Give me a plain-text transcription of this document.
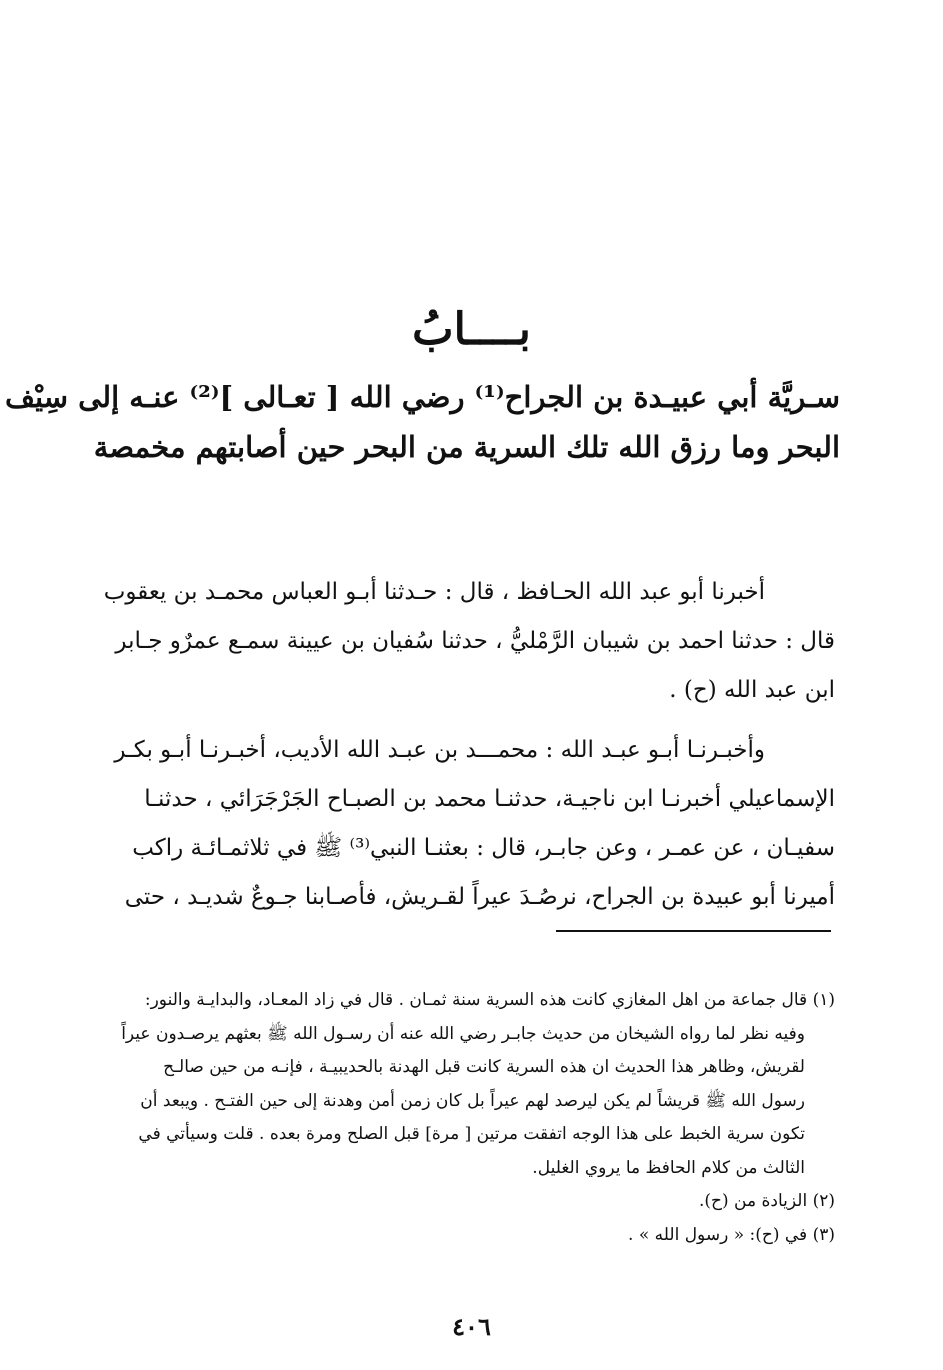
بــــابُ
سـريَّة أبي عبيـدة بن الجراح⁽¹⁾ رضي الله [ تعـالى ]⁽²⁾ عنـه إلى سِيْف
البحر وما رزق الله تلك السرية من البحر حين أصابتهم مخمصة
أخبرنا أبو عبد الله الحـافظ ، قال : حـدثنا أبـو العباس محمـد بن يعقوب
قال : حدثنا احمد بن شيبان الرَّمْليُّ ، حدثنا سُفيان بن عيينة سمـع عمرٌو جـابر
ابن عبد الله (ح) .
وأخبـرنـا أبـو عبـد الله : محمـــد بن عبـد الله الأديب، أخبـرنـا أبـو بكـر
الإسماعيلي أخبرنـا ابن ناجيـة، حدثنـا محمد بن الصبـاح الجَرْجَرَائي ، حدثنـا
سفيـان ، عن عمـر ، وعن جابـر، قال : بعثنـا النبي⁽³⁾ ﷺ في ثلاثمـائـة راكب
أميرنا أبو عبيدة بن الجراح، نرصُـدَ عيراً لقـريش، فأصـابنا جـوعٌ شديـد ، حتى
(١) قال جماعة من اهل المغازي كانت هذه السرية سنة ثمـان . قال في زاد المعـاد، والبدايـة والنور:
وفيه نظر لما رواه الشيخان من حديث جابـر رضي الله عنه أن رسـول الله ﷺ بعثهم يرصـدون عيراً
لقريش، وظاهر هذا الحديث ان هذه السرية كانت قبل الهدنة بالحديبيـة ، فإنـه من حين صالـح
رسول الله ﷺ قريشاً لم يكن ليرصد لهم عيراً بل كان زمن أمن وهدنة إلى حين الفتـح . ويبعد أن
تكون سرية الخبط على هذا الوجه اتفقت مرتين [ مرة] قبل الصلح ومرة بعده . قلت وسيأتي في
الثالث من كلام الحافظ ما يروي الغليل.
(٢) الزيادة من (ح).
(٣) في (ح): « رسول الله » .
٤٠٦
